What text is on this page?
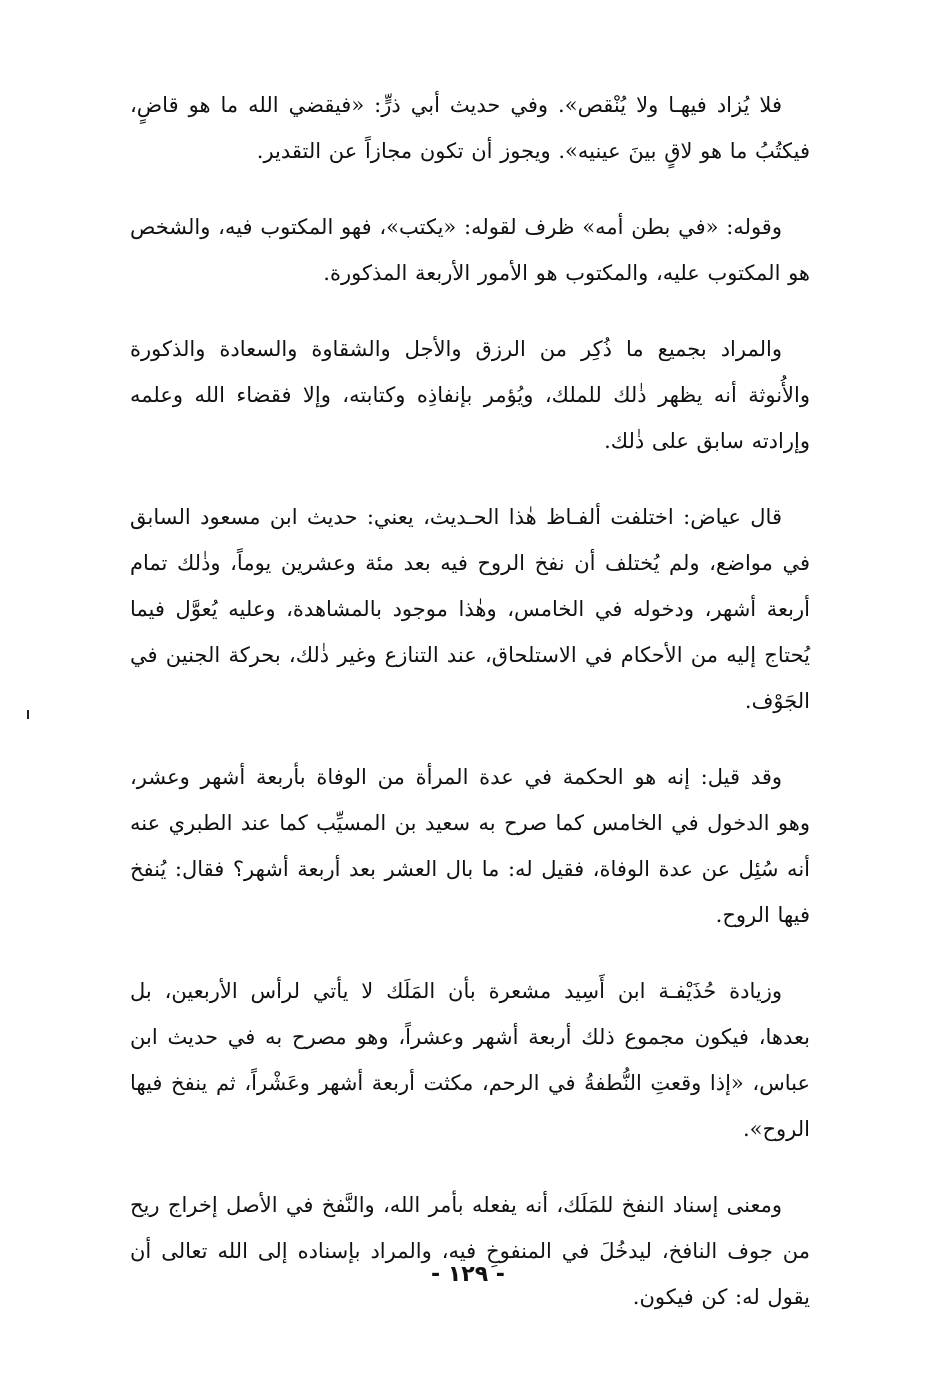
فلا يُزاد فيهـا ولا يُنْقص». وفي حديث أبي ذرٍّ: «فيقضي الله ما هو قاضٍ، فيكتُبُ ما هو لاقٍ بينَ عينيه». ويجوز أن تكون مجازاً عن التقدير.

وقوله: «في بطن أمه» ظرف لقوله: «يكتب»، فهو المكتوب فيه، والشخص هو المكتوب عليه، والمكتوب هو الأمور الأربعة المذكورة.

والمراد بجميع ما ذُكِر من الرزق والأجل والشقاوة والسعادة والذكورة والأُنوثة أنه يظهر ذٰلك للملك، ويُؤمر بإنفاذِه وكتابته، وإلا فقضاء الله وعلمه وإرادته سابق على ذٰلك.

قال عياض: اختلفت ألفـاظ هٰذا الحـديث، يعني: حديث ابن مسعود السابق في مواضع، ولم يُختلف أن نفخ الروح فيه بعد مئة وعشرين يوماً، وذٰلك تمام أربعة أشهر، ودخوله في الخامس، وهٰذا موجود بالمشاهدة، وعليه يُعوَّل فيما يُحتاج إليه من الأحكام في الاستلحاق، عند التنازع وغير ذٰلك، بحركة الجنين في الجَوْف.

وقد قيل: إنه هو الحكمة في عدة المرأة من الوفاة بأربعة أشهر وعشر، وهو الدخول في الخامس كما صرح به سعيد بن المسيِّب كما عند الطبري عنه أنه سُئِل عن عدة الوفاة، فقيل له: ما بال العشر بعد أربعة أشهر؟ فقال: يُنفخ فيها الروح.

وزيادة حُذَيْفـة ابن أَسِيد مشعرة بأن المَلَك لا يأتي لرأس الأربعين، بل بعدها، فيكون مجموع ذلك أربعة أشهر وعشراً، وهو مصرح به في حديث ابن عباس، «إذا وقعتِ النُّطفةُ في الرحم، مكثت أربعة أشهر وعَشْراً، ثم ينفخ فيها الروح».

ومعنى إسناد النفخ للمَلَك، أنه يفعله بأمر الله، والنَّفخ في الأصل إخراج ريح من جوف النافخ، ليدخُلَ في المنفوخِ فيه، والمراد بإسناده إلى الله تعالى أن يقول له: كن فيكون.

- ١٢٩ -
